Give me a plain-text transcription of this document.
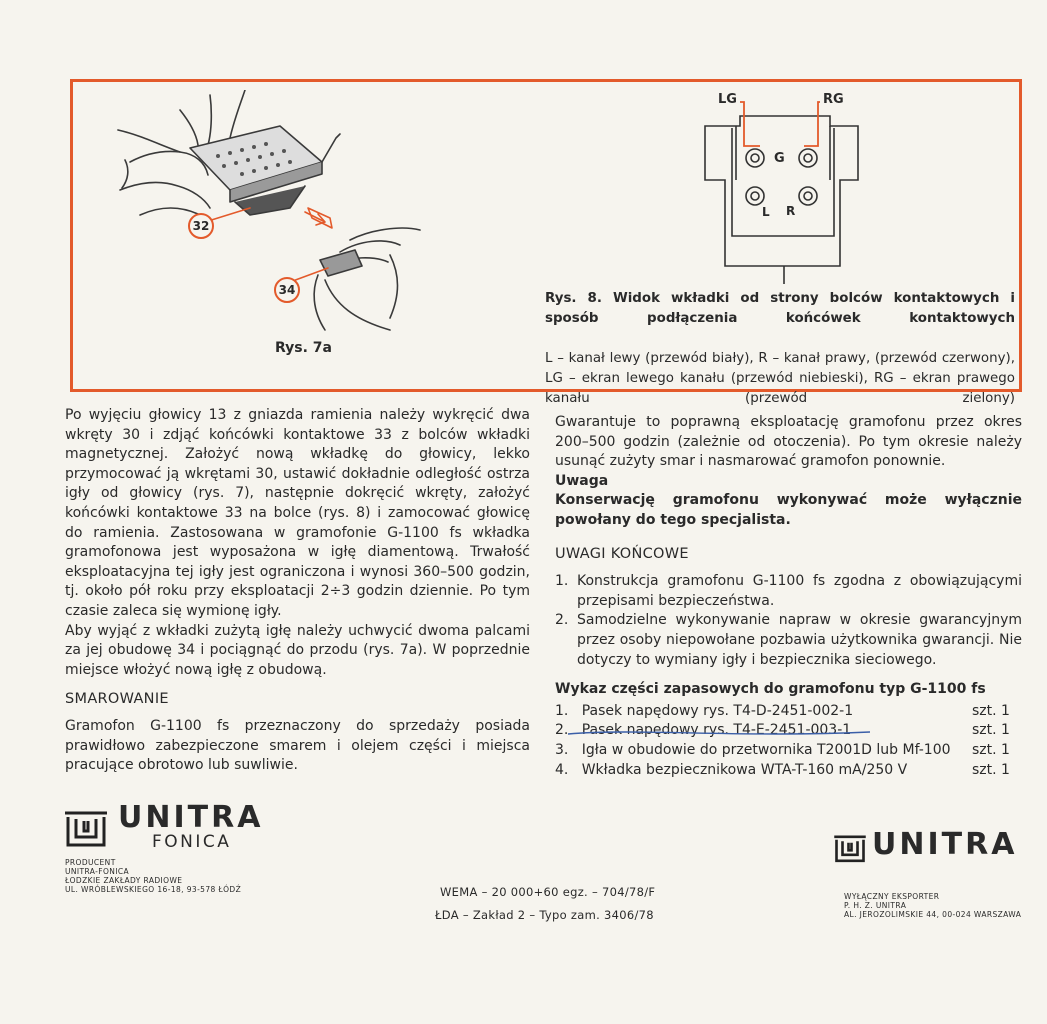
32
34
Rys. 7a
LG	RG
G
L R
Rys. 8. Widok wkładki od strony bolców kontaktowych i sposób podłączenia końcówek kontaktowych
L – kanał lewy (przewód biały), R – kanał prawy, (przewód czerwony), LG – ekran lewego kanału (przewód niebieski), RG – ekran prawego kanału (przewód zielony)

Po wyjęciu głowicy 13 z gniazda ramienia należy wykręcić dwa wkręty 30 i zdjąć końcówki kontaktowe 33 z bolców wkładki magnetycznej. Założyć nową wkładkę do głowicy, lekko przymocować ją wkrętami 30, ustawić dokładnie odległość ostrza igły od głowicy (rys. 7), następnie dokręcić wkręty, założyć końcówki kontaktowe 33 na bolce (rys. 8) i zamocować głowicę do ramienia. Zastosowana w gramofonie G-1100 fs wkładka gramofonowa jest wyposażona w igłę diamentową. Trwałość eksploatacyjna tej igły jest ograniczona i wynosi 360–500 godzin, tj. około pół roku przy eksploatacji 2÷3 godzin dziennie. Po tym czasie zaleca się wymionę igły.

Aby wyjąć z wkładki zużytą igłę należy uchwycić dwoma palcami za jej obudowę 34 i pociągnąć do przodu (rys. 7a). W poprzednie miejsce włożyć nową igłę z obudową.

SMAROWANIE

Gramofon G-1100 fs przeznaczony do sprzedaży posiada prawidłowo zabezpieczone smarem i olejem części i miejsca pracujące obrotowo lub suwliwie.

Gwarantuje to poprawną eksploatację gramofonu przez okres 200–500 godzin (zależnie od otoczenia). Po tym okresie należy usunąć zużyty smar i nasmarować gramofon ponownie.

Uwaga

Konserwację gramofonu wykonywać może wyłącznie powołany do tego specjalista.

UWAGI KOŃCOWE
1. Konstrukcja gramofonu G-1100 fs zgodna z obowiązującymi przepisami bezpieczeństwa.
2. Samodzielne wykonywanie napraw w okresie gwarancyjnym przez osoby niepowołane pozbawia użytkownika gwarancji. Nie dotyczy to wymiany igły i bezpiecznika sieciowego.
Wykaz części zapasowych do gramofonu typ G-1100 fs
1. Pasek napędowy rys. T4-D-2451-002-1	szt. 1
2. Pasek napędowy rys. T4-E-2451-003-1	szt. 1
3. Igła w obudowie do przetwornika T2001D lub Mf-100 szt. 1
4. Wkładka bezpiecznikowa WTA-T-160 mA/250 V	szt. 1
UNITRA
FONICA
PRODUCENT
UNITRA-FONICA
ŁODZKIE ZAKŁADY RADIOWE
UL. WRÓBLEWSKIEGO 16-18, 93-578 ŁÓDŹ	WEMA – 20 000+60 egz. – 704/78/F
ŁDA – Zakład 2 – Typo zam. 3406/78
UNITRA
WYŁĄCZNY EKSPORTER
P. H. Z. UNITRA
AL. JEROZOLIMSKIE 44, 00-024 WARSZAWA
